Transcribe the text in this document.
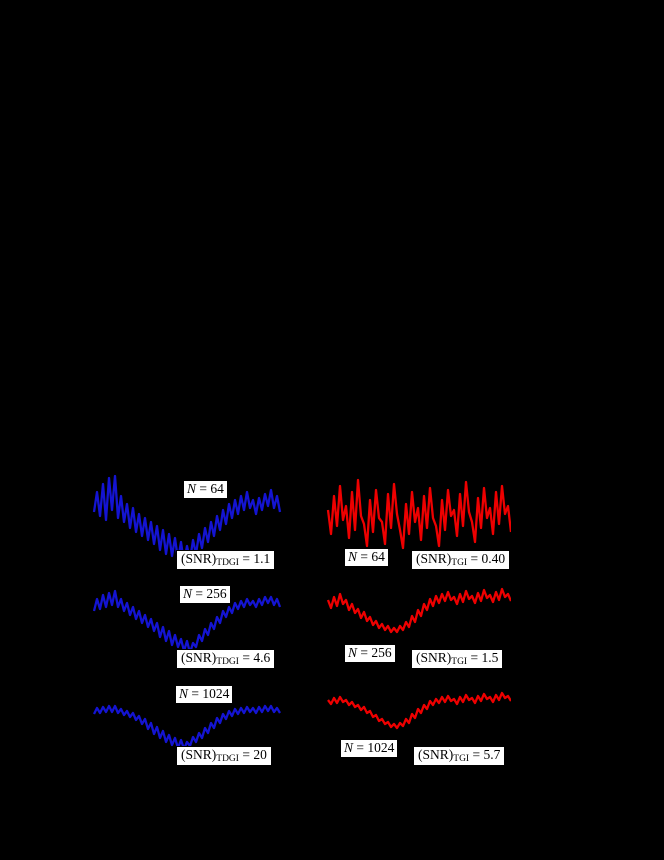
N = 64
(SNR)TDGI = 1.1
N = 256
(SNR)TDGI = 4.6
N = 1024
(SNR)TDGI = 20
N = 64	(SNR)TGI = 0.40
N = 256	(SNR)TGI = 1.5
N = 1024	(SNR)TGI = 5.7
